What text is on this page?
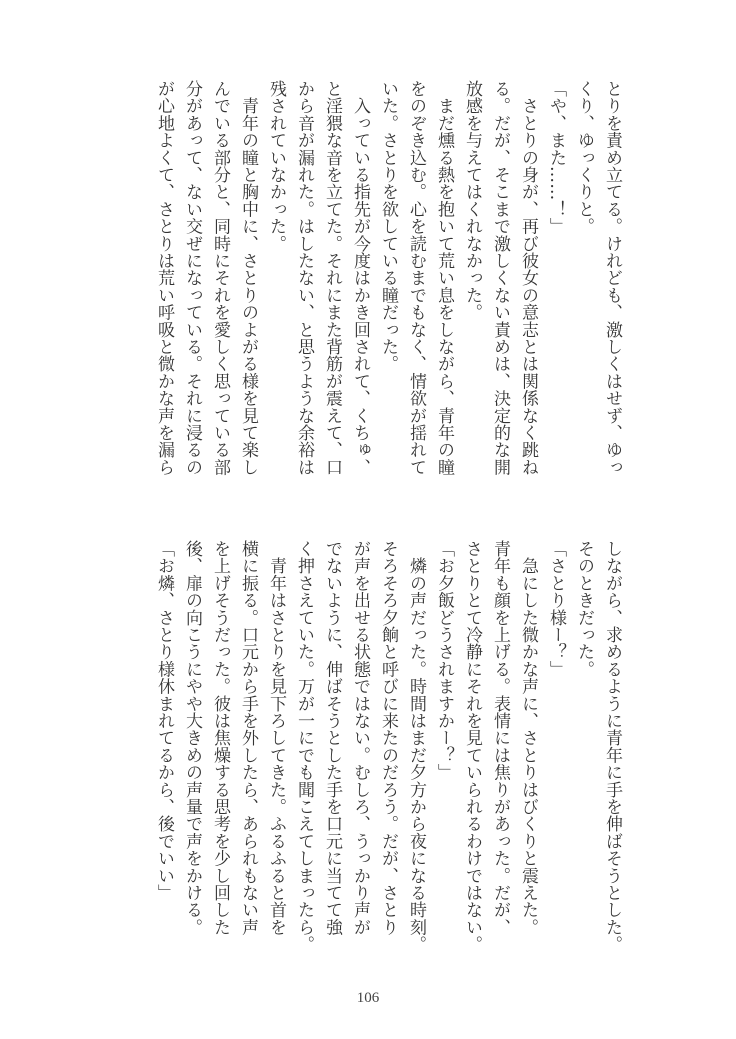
とりを責め立てる。けれども、激しくはせず、ゆっ
くり、ゆっくりと。
「や、また……！」
　さとりの身が、再び彼女の意志とは関係なく跳ね
る。だが、そこまで激しくない責めは、決定的な開
放感を与えてはくれなかった。
　まだ燻る熱を抱いて荒い息をしながら、青年の瞳
をのぞき込む。心を読むまでもなく、情欲が揺れて
いた。さとりを欲している瞳だった。
　入っている指先が今度はかき回されて、くちゅ、
と淫猥な音を立てた。それにまた背筋が震えて、口
から音が漏れた。はしたない、と思うような余裕は
残されていなかった。
　青年の瞳と胸中に、さとりのよがる様を見て楽し
んでいる部分と、同時にそれを愛しく思っている部
分があって、ない交ぜになっている。それに浸るの
が心地よくて、さとりは荒い呼吸と微かな声を漏ら
しながら、求めるように青年に手を伸ばそうとした。
そのときだった。
「さとり様ー？」
　急にした微かな声に、さとりはびくりと震えた。
青年も顔を上げる。表情には焦りがあった。だが、
さとりとて冷静にそれを見ていられるわけではない。
「お夕飯どうされますかー？」
　燐の声だった。時間はまだ夕方から夜になる時刻。
そろそろ夕餉と呼びに来たのだろう。だが、さとり
が声を出せる状態ではない。むしろ、うっかり声が
でないように、伸ばそうとした手を口元に当てて強
く押さえていた。万が一にでも聞こえてしまったら。
　青年はさとりを見下ろしてきた。ふるふると首を
横に振る。口元から手を外したら、あられもない声
を上げそうだった。彼は焦燥する思考を少し回した
後、扉の向こうにやや大きめの声量で声をかける。
「お燐、さとり様休まれてるから、後でいい」
106
